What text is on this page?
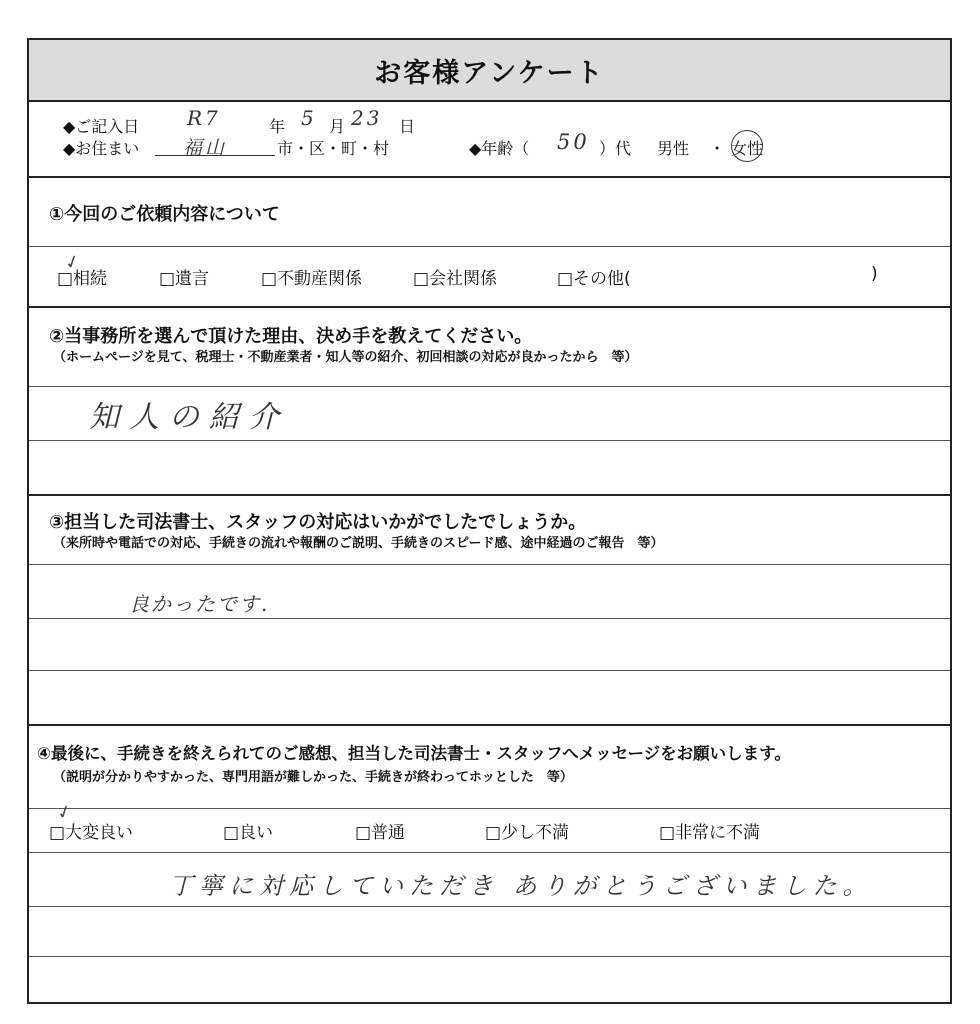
お客様アンケート
◆ご記入日 R7	年 5 月 23 日
◆お住まい	福山	市・区・町・村	◆年齢（ 50 ）代 男性 ・ 女性
①今回のご依頼内容について
□相続
✓
□遺言	□不動産関係	□会社関係	□その他(	)
②当事務所を選んで頂けた理由、決め手を教えてください。
（ホームページを見て、税理士・不動産業者・知人等の紹介、初回相談の対応が良かったから　等）
知人の紹介
③担当した司法書士、スタッフの対応はいかがでしたでしょうか。
（来所時や電話での対応、手続きの流れや報酬のご説明、手続きのスピード感、途中経過のご報告　等）
良かったです.
④最後に、手続きを終えられてのご感想、担当した司法書士・スタッフへメッセージをお願いします。
（説明が分かりやすかった、専門用語が難しかった、手続きが終わってホッとした　等）
□大変良い
✓
□良い	□普通	□少し不満	□非常に不満
丁寧に対応していただき ありがとうございました。
